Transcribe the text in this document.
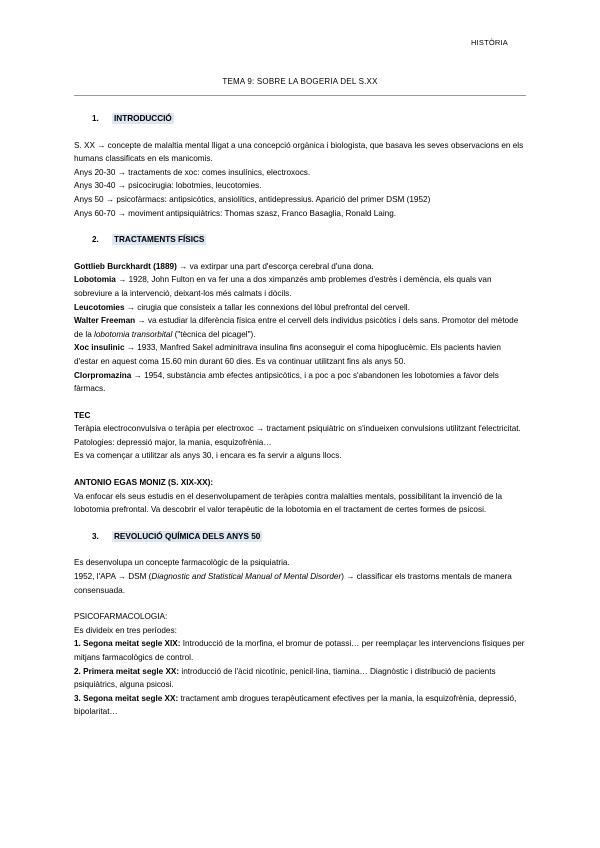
HISTÒRIA
TEMA 9: SOBRE LA BOGERIA DEL S.XX
1. INTRODUCCIÓ

S. XX → concepte de malaltia mental lligat a una concepció orgànica i biologista, que basava les seves observacions en els humans classificats en els manicomis.

Anys 20-30 → tractaments de xoc: comes insulínics, electroxocs.

Anys 30-40 → psicocirugia: lobotmies, leucotomies.

Anys 50 → psicofàrmacs: antipsicòtics, ansiolítics, antidepressius. Aparició del primer DSM (1952)

Anys 60-70 → moviment antipsiquiàtrics: Thomas szasz, Franco Basaglia, Ronald Laing.

2. TRACTAMENTS FÍSICS

Gottlieb Burckhardt (1889) → va extirpar una part d'escorça cerebral d'una dona.

Lobotomia → 1928, John Fulton en va fer una a dos ximpanzés amb problemes d'estrès i demència, els quals van sobreviure a la intervenció, deixant-los més calmats i dòcils.

Leucotomies → cirugia que consisteix a tallar les connexions del lòbul prefrontal del cervell.

Walter Freeman → va estudiar la diferència física entre el cervell dels individus psicòtics i dels sans. Promotor del mètode de la lobotomia transorbital ("tècnica del picagel").

Xoc insulinic → 1933, Manfred Sakel adminitrava insulina fins aconseguir el coma hipoglucèmic. Els pacients havien d'estar en aquest coma 15.60 min durant 60 dies. Es va continuar utilitzant fins als anys 50.

Clorpromazina → 1954, substància amb efectes antipsicòtics, i a poc a poc s'abandonen les lobotomies a favor dels fàrmacs.

TEC

Teràpia electroconvulsiva o teràpia per electroxoc → tractament psiquiàtric on s'indueixen convulsions utilitzant l'electricitat. Patologies: depressió major, la mania, esquizofrènia…

Es va començar a utilitzar als anys 30, i encara es fa servir a alguns llocs.

ANTONIO EGAS MONIZ (S. XIX-XX):

Va enfocar els seus estudis en el desenvolupament de teràpies contra malalties mentals, possibilitant la invenció de la lobotomia prefrontal. Va descobrir el valor terapèutic de la lobotomia en el tractament de certes formes de psicosi.

3. REVOLUCIÓ QUÍMICA DELS ANYS 50

Es desenvolupa un concepte farmacològic de la psiquiatria.

1952, l'APA → DSM (Diagnostic and Statistical Manual of Mental Disorder) → classificar els trastorns mentals de manera consensuada.

PSICOFARMACOLOGIA:

Es divideix en tres períodes:

1. Segona meitat segle XIX: Introducció de la morfina, el bromur de potassi… per reemplaçar les intervencions físiques per mitjans farmacològics de control.

2. Primera meitat segle XX: introducció de l'àcid nicotínic, penicil·lina, tiamina… Diagnòstic i distribució de pacients psiquiàtrics, alguna psicosi.

3. Segona meitat segle XX: tractament amb drogues terapèuticament efectives per la mania, la esquizofrènia, depressió, bipolaritat…
